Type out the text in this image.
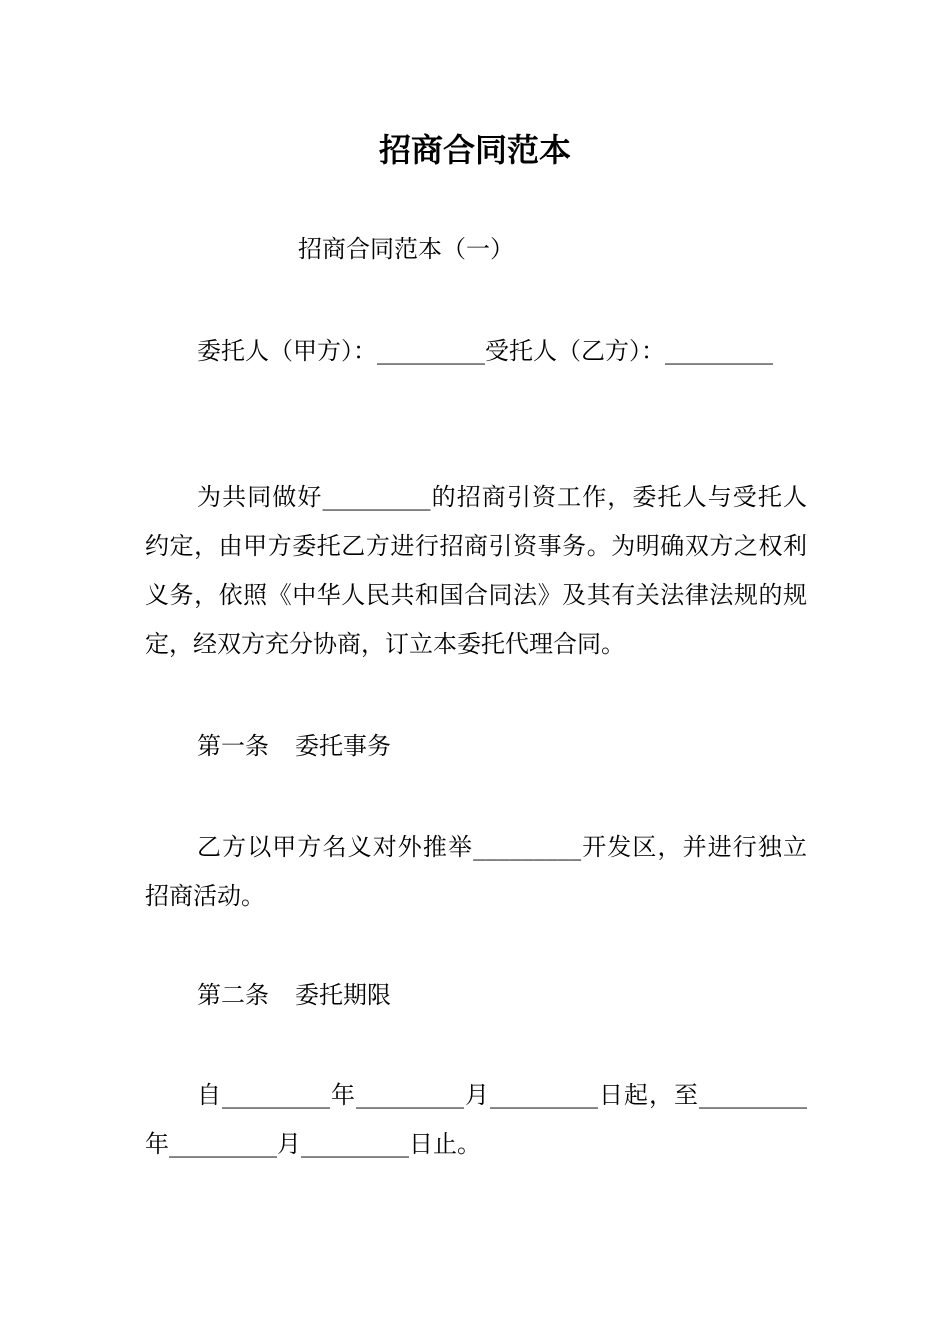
招商合同范本
招商合同范本（一）

委托人（甲方）：_________受托人（乙方）：_________

为共同做好_________的招商引资工作，委托人与受托人约定，由甲方委托乙方进行招商引资事务。为明确双方之权利义务，依照《中华人民共和国合同法》及其有关法律法规的规定，经双方充分协商，订立本委托代理合同。

第一条 委托事务

乙方以甲方名义对外推举_________开发区，并进行独立招商活动。

第二条 委托期限

自_________年_________月_________日起，至_________年_________月_________日止。
